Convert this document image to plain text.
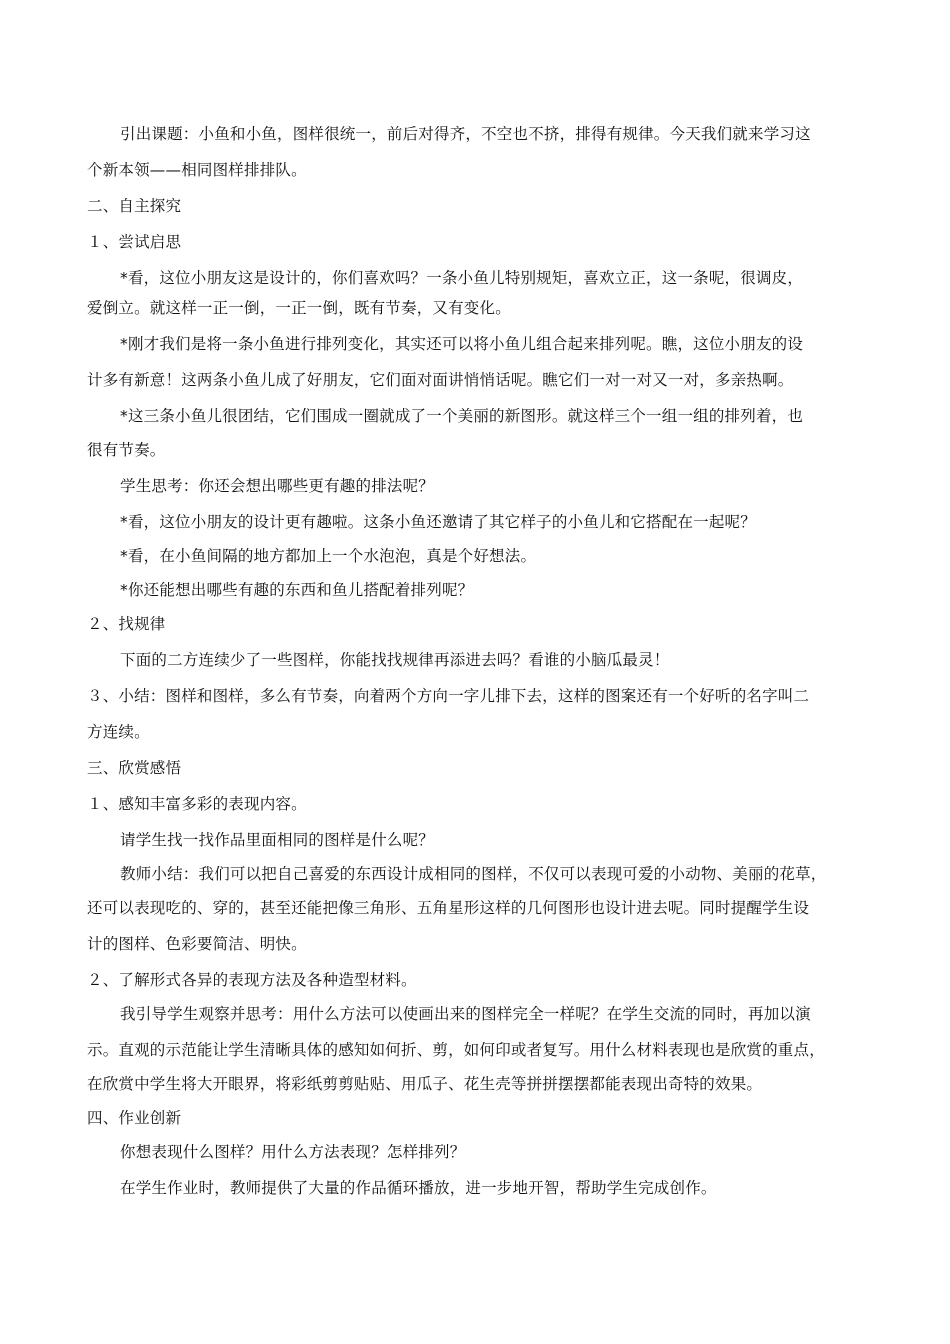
引出课题：小鱼和小鱼，图样很统一，前后对得齐，不空也不挤，排得有规律。今天我们就来学习这
个新本领——相同图样排排队。
二、自主探究
１、尝试启思
*看，这位小朋友这是设计的，你们喜欢吗？一条小鱼儿特别规矩，喜欢立正，这一条呢，很调皮，
爱倒立。就这样一正一倒，一正一倒，既有节奏，又有变化。
*刚才我们是将一条小鱼进行排列变化，其实还可以将小鱼儿组合起来排列呢。瞧，这位小朋友的设
计多有新意！这两条小鱼儿成了好朋友，它们面对面讲悄悄话呢。瞧它们一对一对又一对，多亲热啊。
*这三条小鱼儿很团结，它们围成一圈就成了一个美丽的新图形。就这样三个一组一组的排列着，也
很有节奏。
学生思考：你还会想出哪些更有趣的排法呢？
*看，这位小朋友的设计更有趣啦。这条小鱼还邀请了其它样子的小鱼儿和它搭配在一起呢？
*看，在小鱼间隔的地方都加上一个水泡泡，真是个好想法。
*你还能想出哪些有趣的东西和鱼儿搭配着排列呢？
２、找规律
下面的二方连续少了一些图样，你能找找规律再添进去吗？看谁的小脑瓜最灵！
３、小结：图样和图样，多么有节奏，向着两个方向一字儿排下去，这样的图案还有一个好听的名字叫二
方连续。
三、欣赏感悟
１、感知丰富多彩的表现内容。
请学生找一找作品里面相同的图样是什么呢？
教师小结：我们可以把自己喜爱的东西设计成相同的图样，不仅可以表现可爱的小动物、美丽的花草，
还可以表现吃的、穿的，甚至还能把像三角形、五角星形这样的几何图形也设计进去呢。同时提醒学生设
计的图样、色彩要简洁、明快。
２、了解形式各异的表现方法及各种造型材料。
我引导学生观察并思考：用什么方法可以使画出来的图样完全一样呢？在学生交流的同时，再加以演
示。直观的示范能让学生清晰具体的感知如何折、剪，如何印或者复写。用什么材料表现也是欣赏的重点，
在欣赏中学生将大开眼界，将彩纸剪剪贴贴、用瓜子、花生壳等拼拼摆摆都能表现出奇特的效果。
四、作业创新
你想表现什么图样？用什么方法表现？怎样排列？
在学生作业时，教师提供了大量的作品循环播放，进一步地开智，帮助学生完成创作。
